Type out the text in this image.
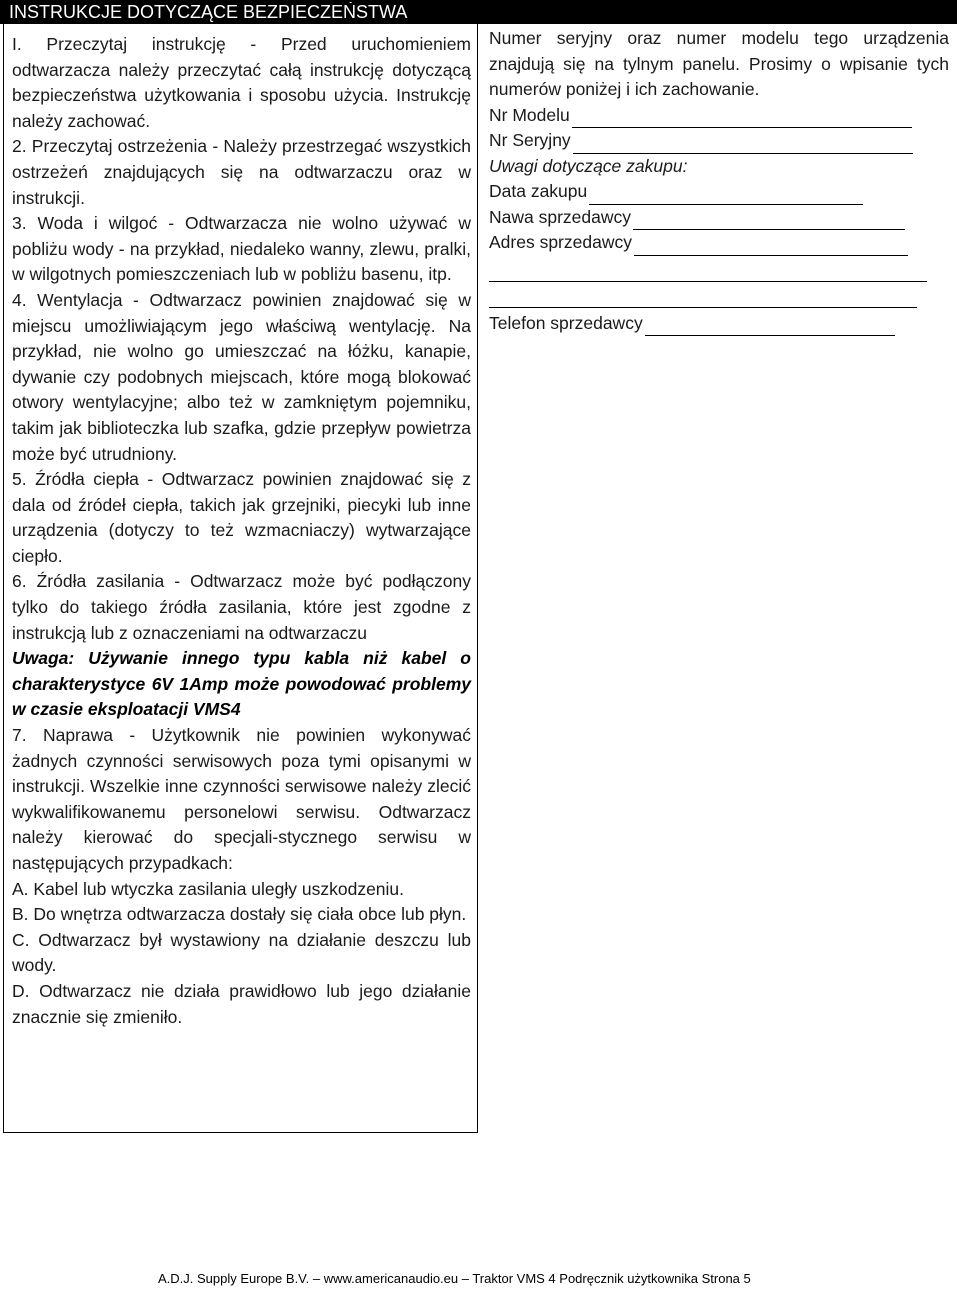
INSTRUKCJE DOTYCZĄCE BEZPIECZEŃSTWA

I. Przeczytaj instrukcję - Przed uruchomieniem odtwarzacza należy przeczytać całą instrukcję dotyczącą bezpieczeństwa użytkowania i sposobu użycia. Instrukcję należy zachować.

2. Przeczytaj ostrzeżenia - Należy przestrzegać wszystkich ostrzeżeń znajdujących się na odtwarzaczu oraz w instrukcji.

3. Woda i wilgoć - Odtwarzacza nie wolno używać w pobliżu wody - na przykład, niedaleko wanny, zlewu, pralki, w wilgotnych pomieszczeniach lub w pobliżu basenu, itp.

4. Wentylacja - Odtwarzacz powinien znajdować się w miejscu umożliwiającym jego właściwą wentylację. Na przykład, nie wolno go umieszczać na łóżku, kanapie, dywanie czy podobnych miejscach, które mogą blokować otwory wentylacyjne; albo też w zamkniętym pojemniku, takim jak biblioteczka lub szafka, gdzie przepływ powietrza może być utrudniony.

5. Źródła ciepła - Odtwarzacz powinien znajdować się z dala od źródeł ciepła, takich jak grzejniki, piecyki lub inne urządzenia (dotyczy to też wzmacniaczy) wytwarzające ciepło.

6. Źródła zasilania - Odtwarzacz może być podłączony tylko do takiego źródła zasilania, które jest zgodne z instrukcją lub z oznaczeniami na odtwarzaczu

Uwaga: Używanie innego typu kabla niż kabel o charakterystyce 6V 1Amp może powodować problemy w czasie eksploatacji VMS4

7. Naprawa - Użytkownik nie powinien wykonywać żadnych czynności serwisowych poza tymi opisanymi w instrukcji. Wszelkie inne czynności serwisowe należy zlecić wykwalifikowanemu personelowi serwisu. Odtwarzacz należy kierować do specjali-stycznego serwisu w następujących przypadkach:

A. Kabel lub wtyczka zasilania uległy uszkodzeniu.

B. Do wnętrza odtwarzacza dostały się ciała obce lub płyn.

C. Odtwarzacz był wystawiony na działanie deszczu lub wody.

D. Odtwarzacz nie działa prawidłowo lub jego działanie znacznie się zmieniło.

Numer seryjny oraz numer modelu tego urządzenia znajdują się na tylnym panelu. Prosimy o wpisanie tych numerów poniżej i ich zachowanie.

Nr Modelu
Nr Seryjny
Uwagi dotyczące zakupu:
Data zakupu
Nawa sprzedawcy
Adres sprzedawcy
Telefon sprzedawcy
A.D.J. Supply Europe B.V. – www.americanaudio.eu – Traktor VMS 4 Podręcznik użytkownika Strona 5
